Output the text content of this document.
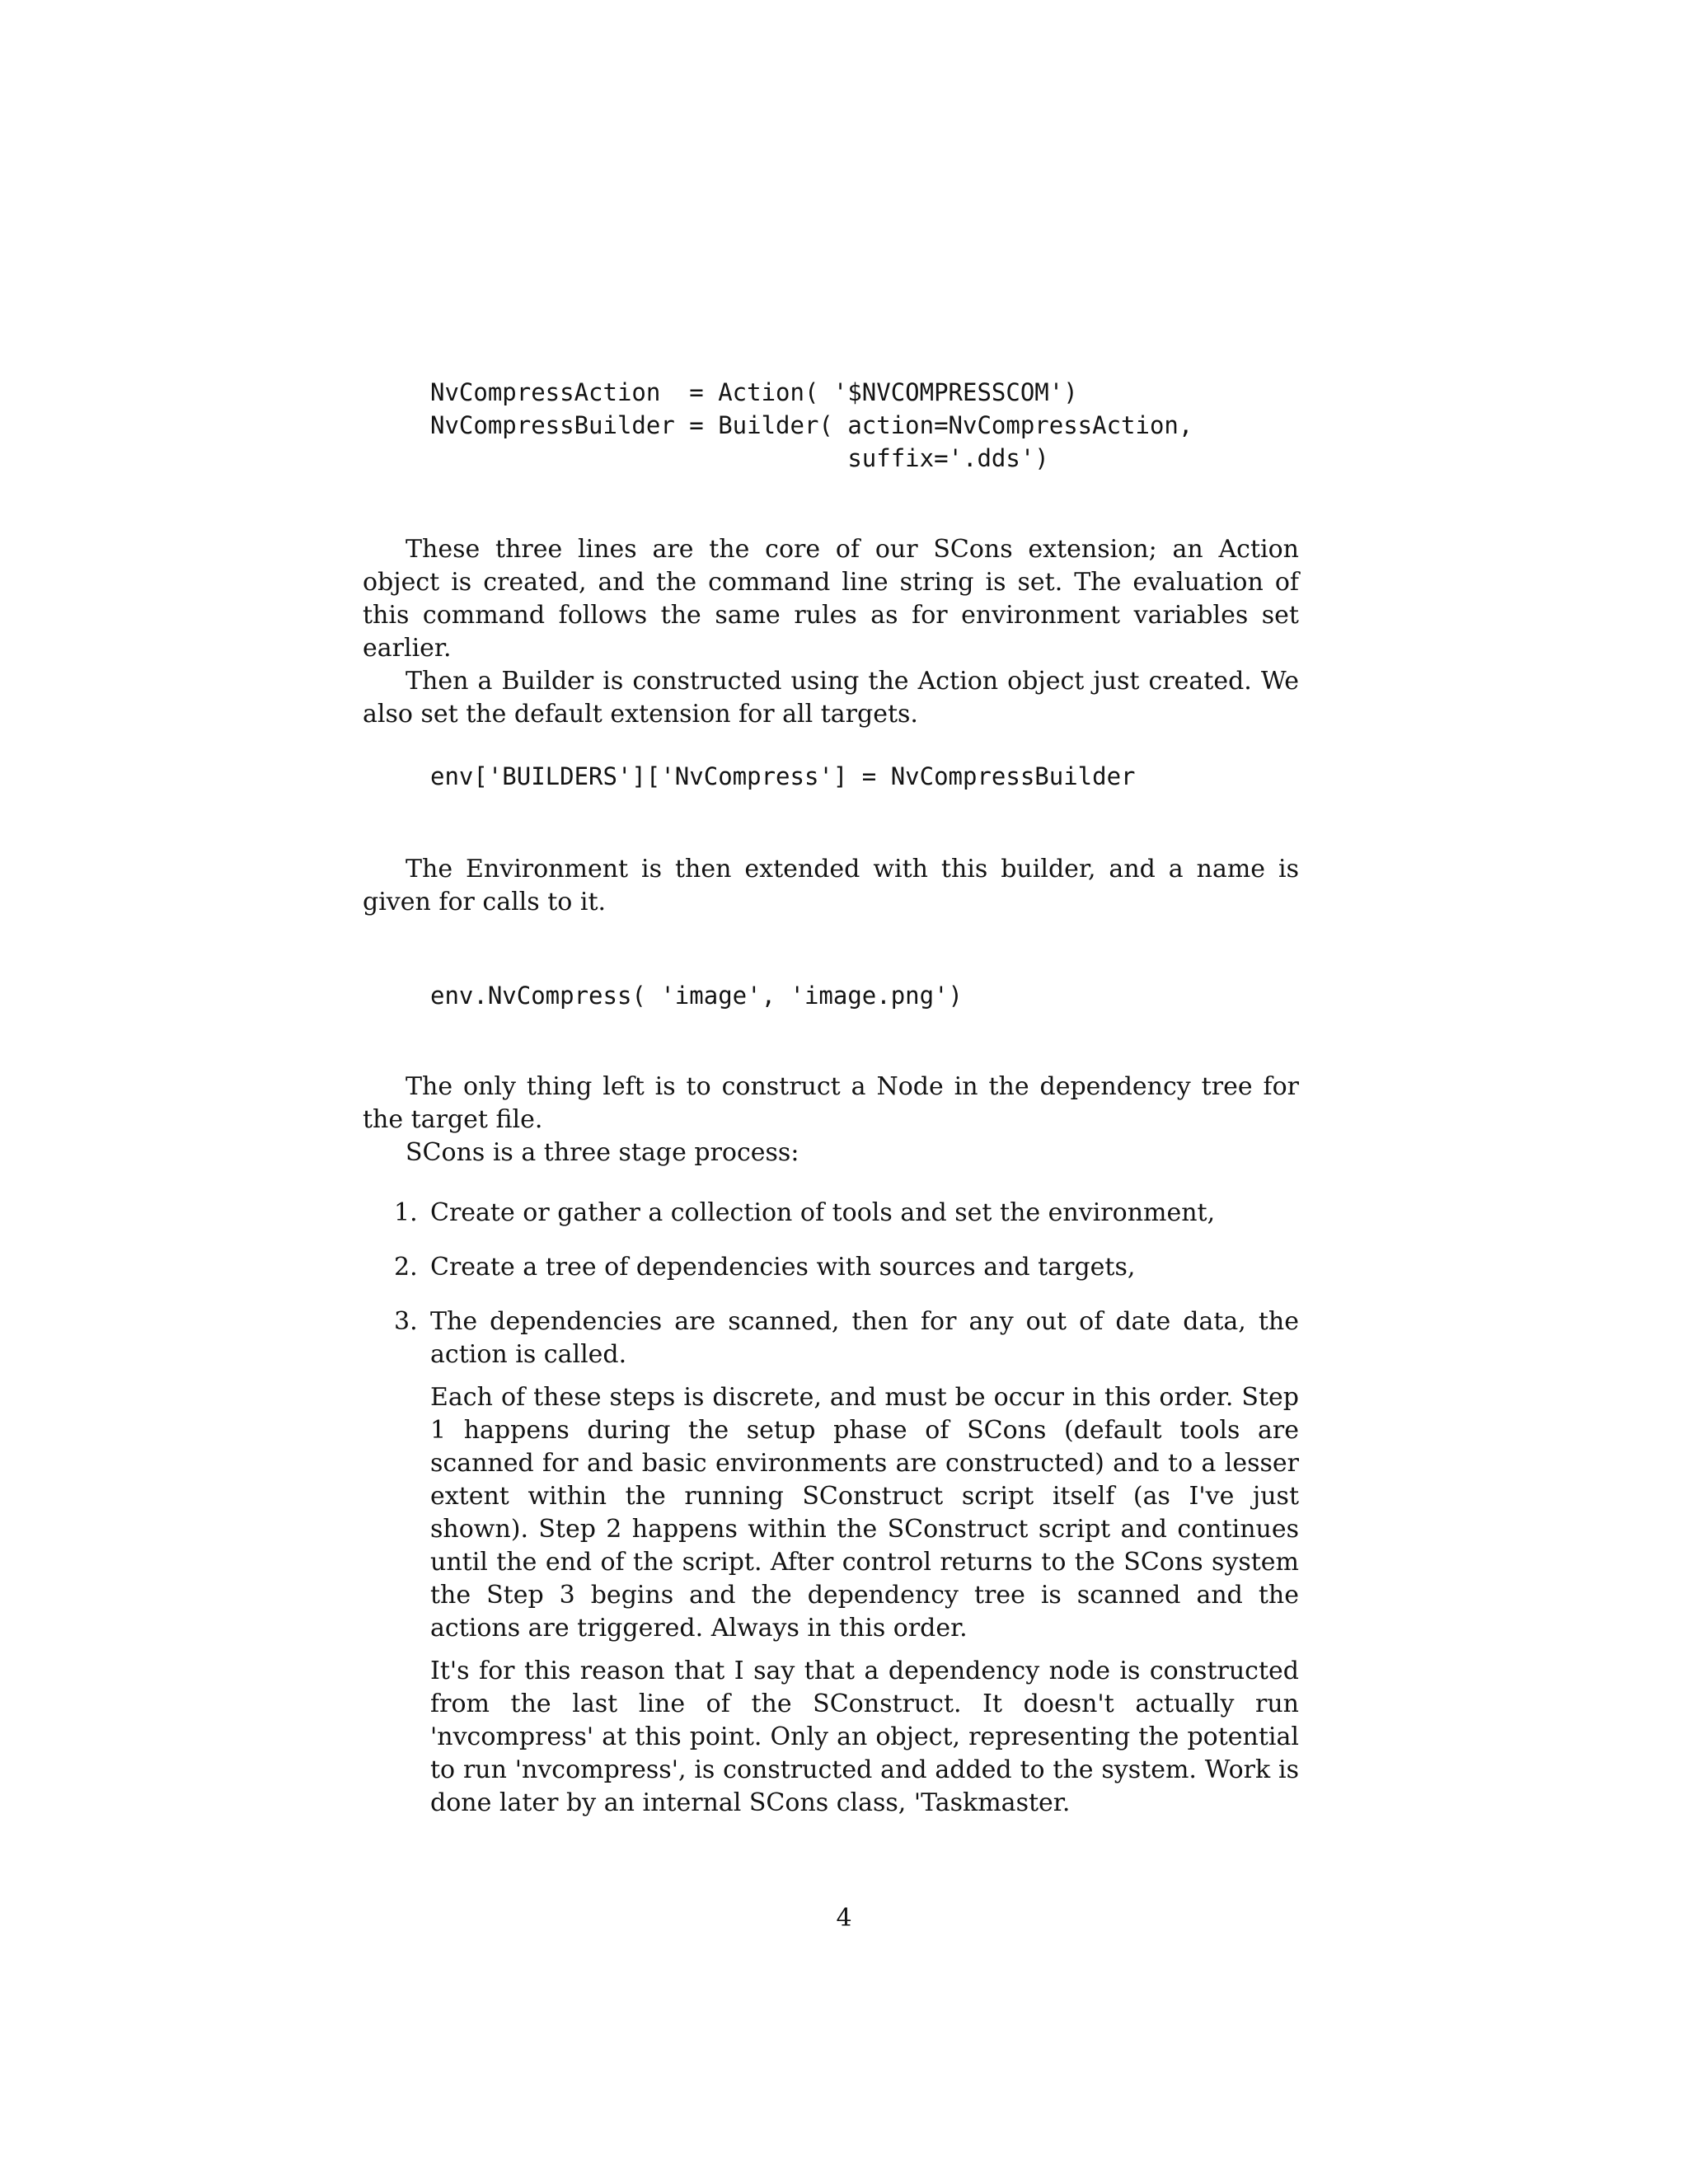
NvCompressAction  = Action( '$NVCOMPRESSCOM')
NvCompressBuilder = Builder( action=NvCompressAction,
suffix='.dds')

These three lines are the core of our SCons extension; an Action object is created, and the command line string is set. The evaluation of this command follows the same rules as for environment variables set earlier.

Then a Builder is constructed using the Action object just created. We also set the default extension for all targets.

env['BUILDERS']['NvCompress'] = NvCompressBuilder

The Environment is then extended with this builder, and a name is given for calls to it.

env.NvCompress( 'image', 'image.png')

The only thing left is to construct a Node in the dependency tree for the target file.

SCons is a three stage process:

1. Create or gather a collection of tools and set the environment,
2. Create a tree of dependencies with sources and targets,
3. The dependencies are scanned, then for any out of date data, the action is called.

Each of these steps is discrete, and must be occur in this order. Step 1 happens during the setup phase of SCons (default tools are scanned for and basic environments are constructed) and to a lesser extent within the running SConstruct script itself (as I've just shown). Step 2 happens within the SConstruct script and continues until the end of the script. After control returns to the SCons system the Step 3 begins and the dependency tree is scanned and the actions are triggered. Always in this order.

It's for this reason that I say that a dependency node is constructed from the last line of the SConstruct. It doesn't actually run 'nvcompress' at this point. Only an object, representing the potential to run 'nvcompress', is constructed and added to the system. Work is done later by an internal SCons class, 'Taskmaster.

4
